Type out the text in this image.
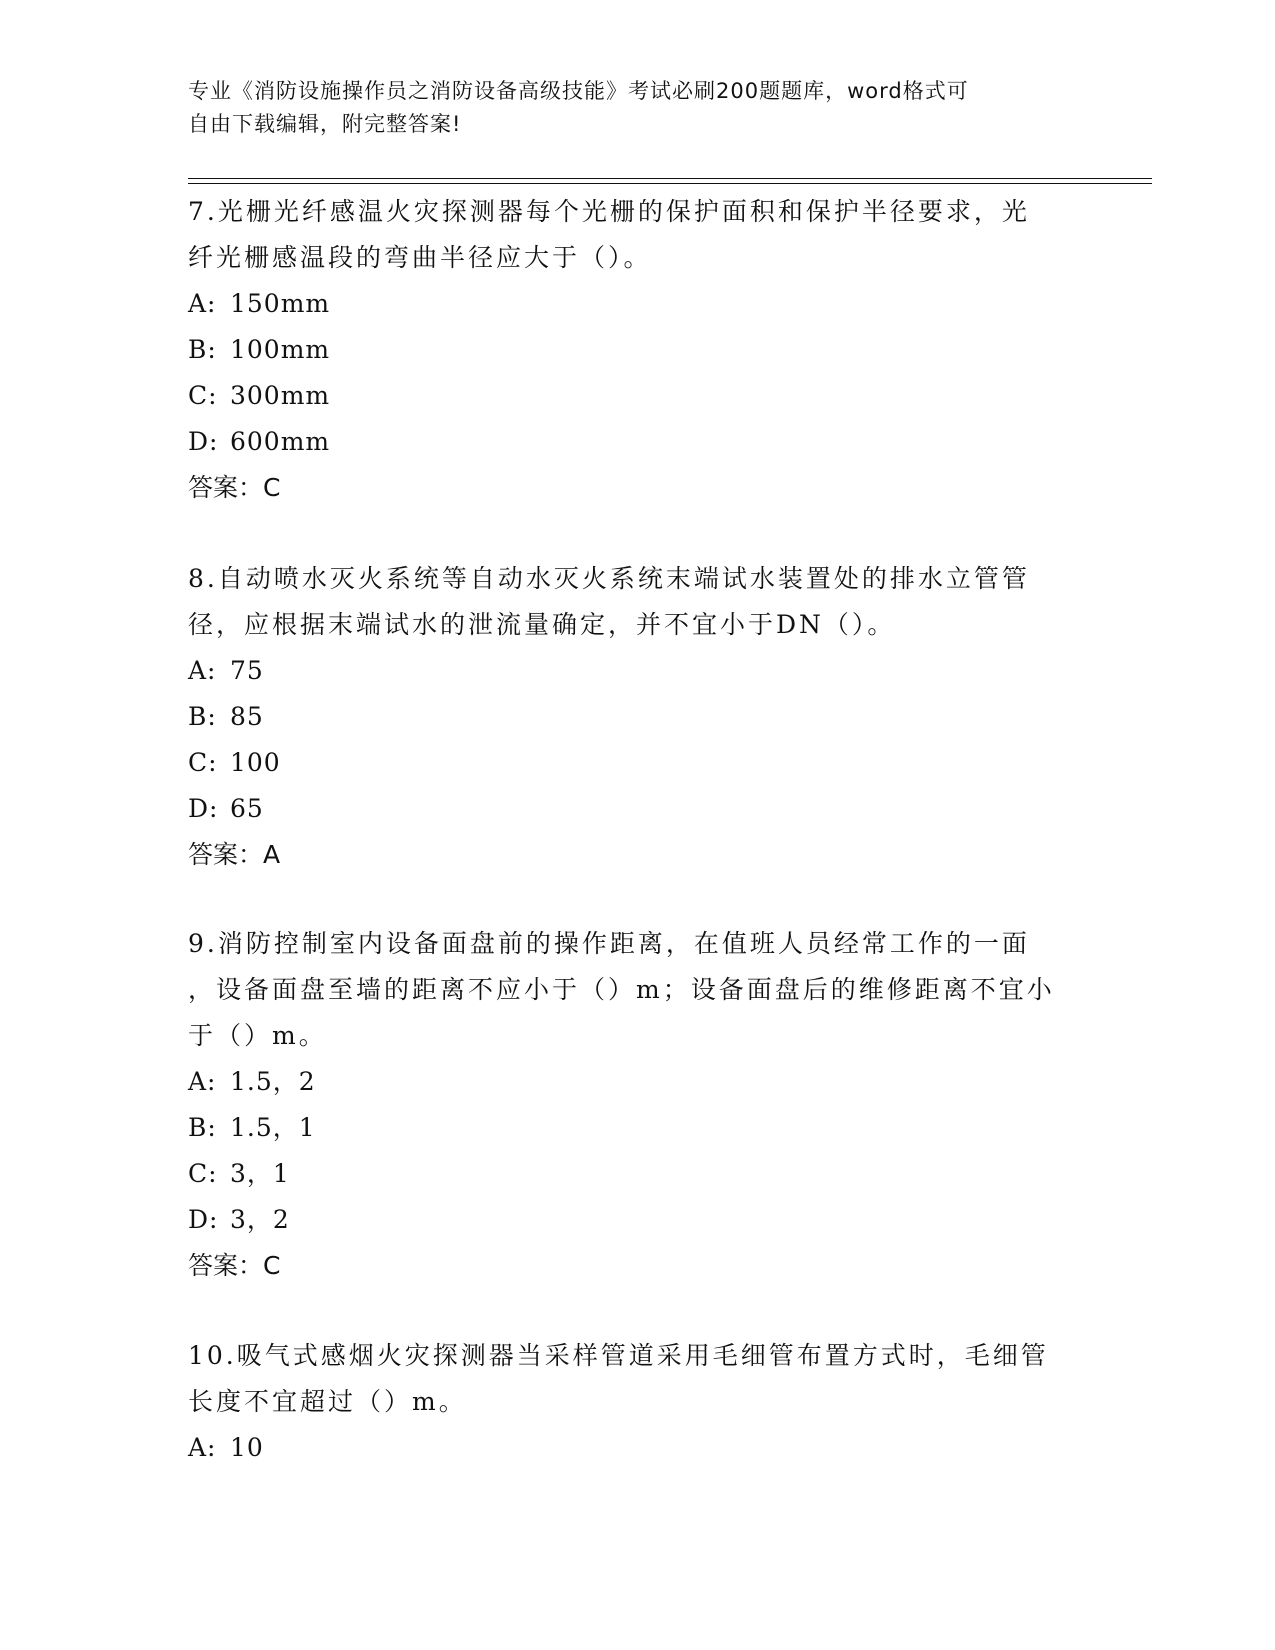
专业《消防设施操作员之消防设备高级技能》考试必刷200题题库，word格式可
自由下载编辑，附完整答案!

7.光栅光纤感温火灾探测器每个光栅的保护面积和保护半径要求，光

纤光栅感温段的弯曲半径应大于（）。

A: 150mm

B: 100mm

C: 300mm

D: 600mm

答案：C

8.自动喷水灭火系统等自动水灭火系统末端试水装置处的排水立管管

径，应根据末端试水的泄流量确定，并不宜小于DN（）。

A: 75

B: 85

C: 100

D: 65

答案：A

9.消防控制室内设备面盘前的操作距离，在值班人员经常工作的一面

，设备面盘至墙的距离不应小于（）m；设备面盘后的维修距离不宜小

于（）m。

A: 1.5，2

B: 1.5，1

C: 3，1

D: 3，2

答案：C

10.吸气式感烟火灾探测器当采样管道采用毛细管布置方式时，毛细管

长度不宜超过（）m。

A: 10
